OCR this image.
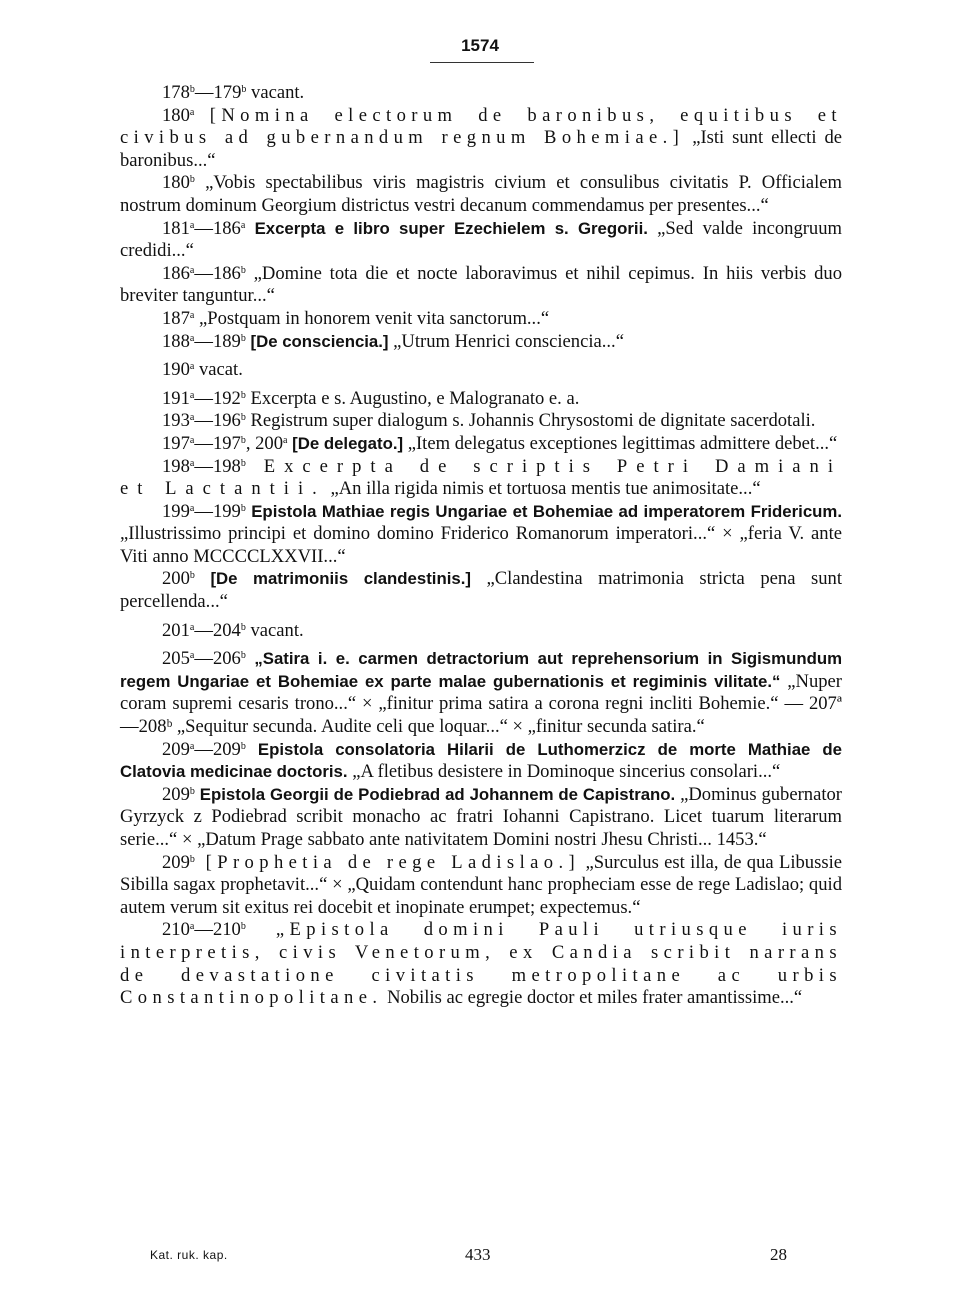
1574

178$^b$—179$^b$ vacant.

180$^a$ [Nomina electorum de baronibus, equitibus et civibus ad gubernandum regnum Bohemiae.] „Isti sunt ellecti de baronibus...“

180$^b$ „Vobis spectabilibus viris magistris civium et consulibus civitatis P. Officialem nostrum dominum Georgium districtus vestri decanum commendamus per presentes...“

181$^a$—186$^a$ Excerpta e libro super Ezechielem s. Gregorii. „Sed valde incongruum credidi...“

186$^a$—186$^b$ „Domine tota die et nocte laboravimus et nihil cepimus. In hiis verbis duo breviter tanguntur...“

187$^a$ „Postquam in honorem venit vita sanctorum...“

188$^a$—189$^b$ [De consciencia.] „Utrum Henrici consciencia...“

190$^a$ vacat.

191$^a$—192$^b$ Excerpta e s. Augustino, e Malogranato e. a.

193$^a$—196$^b$ Registrum super dialogum s. Johannis Chrysostomi de dignitate sacerdotali.

197$^a$—197$^b$, 200$^a$ [De delegato.] „Item delegatus exceptiones legittimas admittere debet...“

198$^a$—198$^b$ Excerpta de scriptis Petri Damiani et Lactantii. „An illa rigida nimis et tortuosa mentis tue animositate...“

199$^a$—199$^b$ Epistola Mathiae regis Ungariae et Bohemiae ad imperatorem Fridericum. „Illustrissimo principi et domino domino Friderico Romanorum imperatori...“ × „feria V. ante Viti anno MCCCCLXXVII...“

200$^b$ [De matrimoniis clandestinis.] „Clandestina matrimonia stricta pena sunt percellenda...“

201$^a$—204$^b$ vacant.

205$^a$—206$^b$ „Satira i. e. carmen detractorium aut reprehensorium in Sigismundum regem Ungariae et Bohemiae ex parte malae gubernationis et regiminis vilitate.“ „Nuper coram supremi cesaris trono...“ × „finitur prima satira a corona regni incliti Bohemie.“ — 207ª—208ᵇ „Sequitur secunda. Audite celi que loquar...“ × „finitur secunda satira.“

209$^a$—209$^b$ Epistola consolatoria Hilarii de Luthomerzicz de morte Mathiae de Clatovia medicinae doctoris. „A fletibus desistere in Dominoque sincerius consolari...“

209$^b$ Epistola Georgii de Podiebrad ad Johannem de Capistrano. „Dominus gubernator Gyrzyck z Podiebrad scribit monacho ac fratri Iohanni Capistrano. Licet tuarum literarum serie...“ × „Datum Prage sabbato ante nativitatem Domini nostri Jhesu Christi... 1453.“

209$^b$ [Prophetia de rege Ladislao.] „Surculus est illa, de qua Libussie Sibilla sagax prophetavit...“ × „Quidam contendunt hanc propheciam esse de rege Ladislao; quid autem verum sit exitus rei docebit et inopinate erumpet; expectemus.“

210$^a$—210$^b$ „Epistola domini Pauli utriusque iuris interpretis, civis Venetorum, ex Candia scribit narrans de devastatione civitatis metropolitane ac urbis Constantinopolitane. Nobilis ac egregie doctor et miles frater amantissime...“

Kat. ruk. kap.	433	28
